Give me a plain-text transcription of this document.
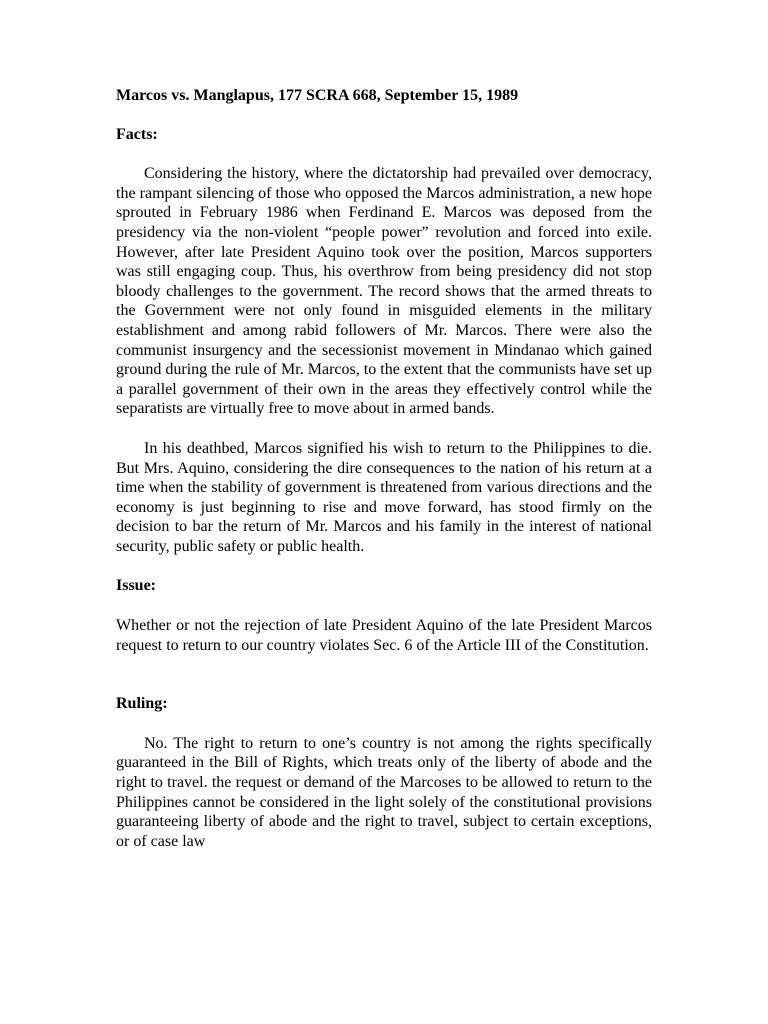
Marcos vs. Manglapus, 177 SCRA 668, September 15, 1989
Facts:
Considering the history, where the dictatorship had prevailed over democracy, the rampant silencing of those who opposed the Marcos administration, a new hope sprouted in February 1986 when Ferdinand E. Marcos was deposed from the presidency via the non-violent “people power” revolution and forced into exile. However, after late President Aquino took over the position, Marcos supporters was still engaging coup. Thus, his overthrow from being presidency did not stop bloody challenges to the government. The record shows that the armed threats to the Government were not only found in misguided elements in the military establishment and among rabid followers of Mr. Marcos. There were also the communist insurgency and the secessionist movement in Mindanao which gained ground during the rule of Mr. Marcos, to the extent that the communists have set up a parallel government of their own in the areas they effectively control while the separatists are virtually free to move about in armed bands.
In his deathbed, Marcos signified his wish to return to the Philippines to die. But Mrs. Aquino, considering the dire consequences to the nation of his return at a time when the stability of government is threatened from various directions and the economy is just beginning to rise and move forward, has stood firmly on the decision to bar the return of Mr. Marcos and his family in the interest of national security, public safety or public health.
Issue:
Whether or not the rejection of late President Aquino of the late President Marcos request to return to our country violates Sec. 6 of the Article III of the Constitution.
Ruling:
No. The right to return to one’s country is not among the rights specifically guaranteed in the Bill of Rights, which treats only of the liberty of abode and the right to travel. the request or demand of the Marcoses to be allowed to return to the Philippines cannot be considered in the light solely of the constitutional provisions guaranteeing liberty of abode and the right to travel, subject to certain exceptions, or of case law
